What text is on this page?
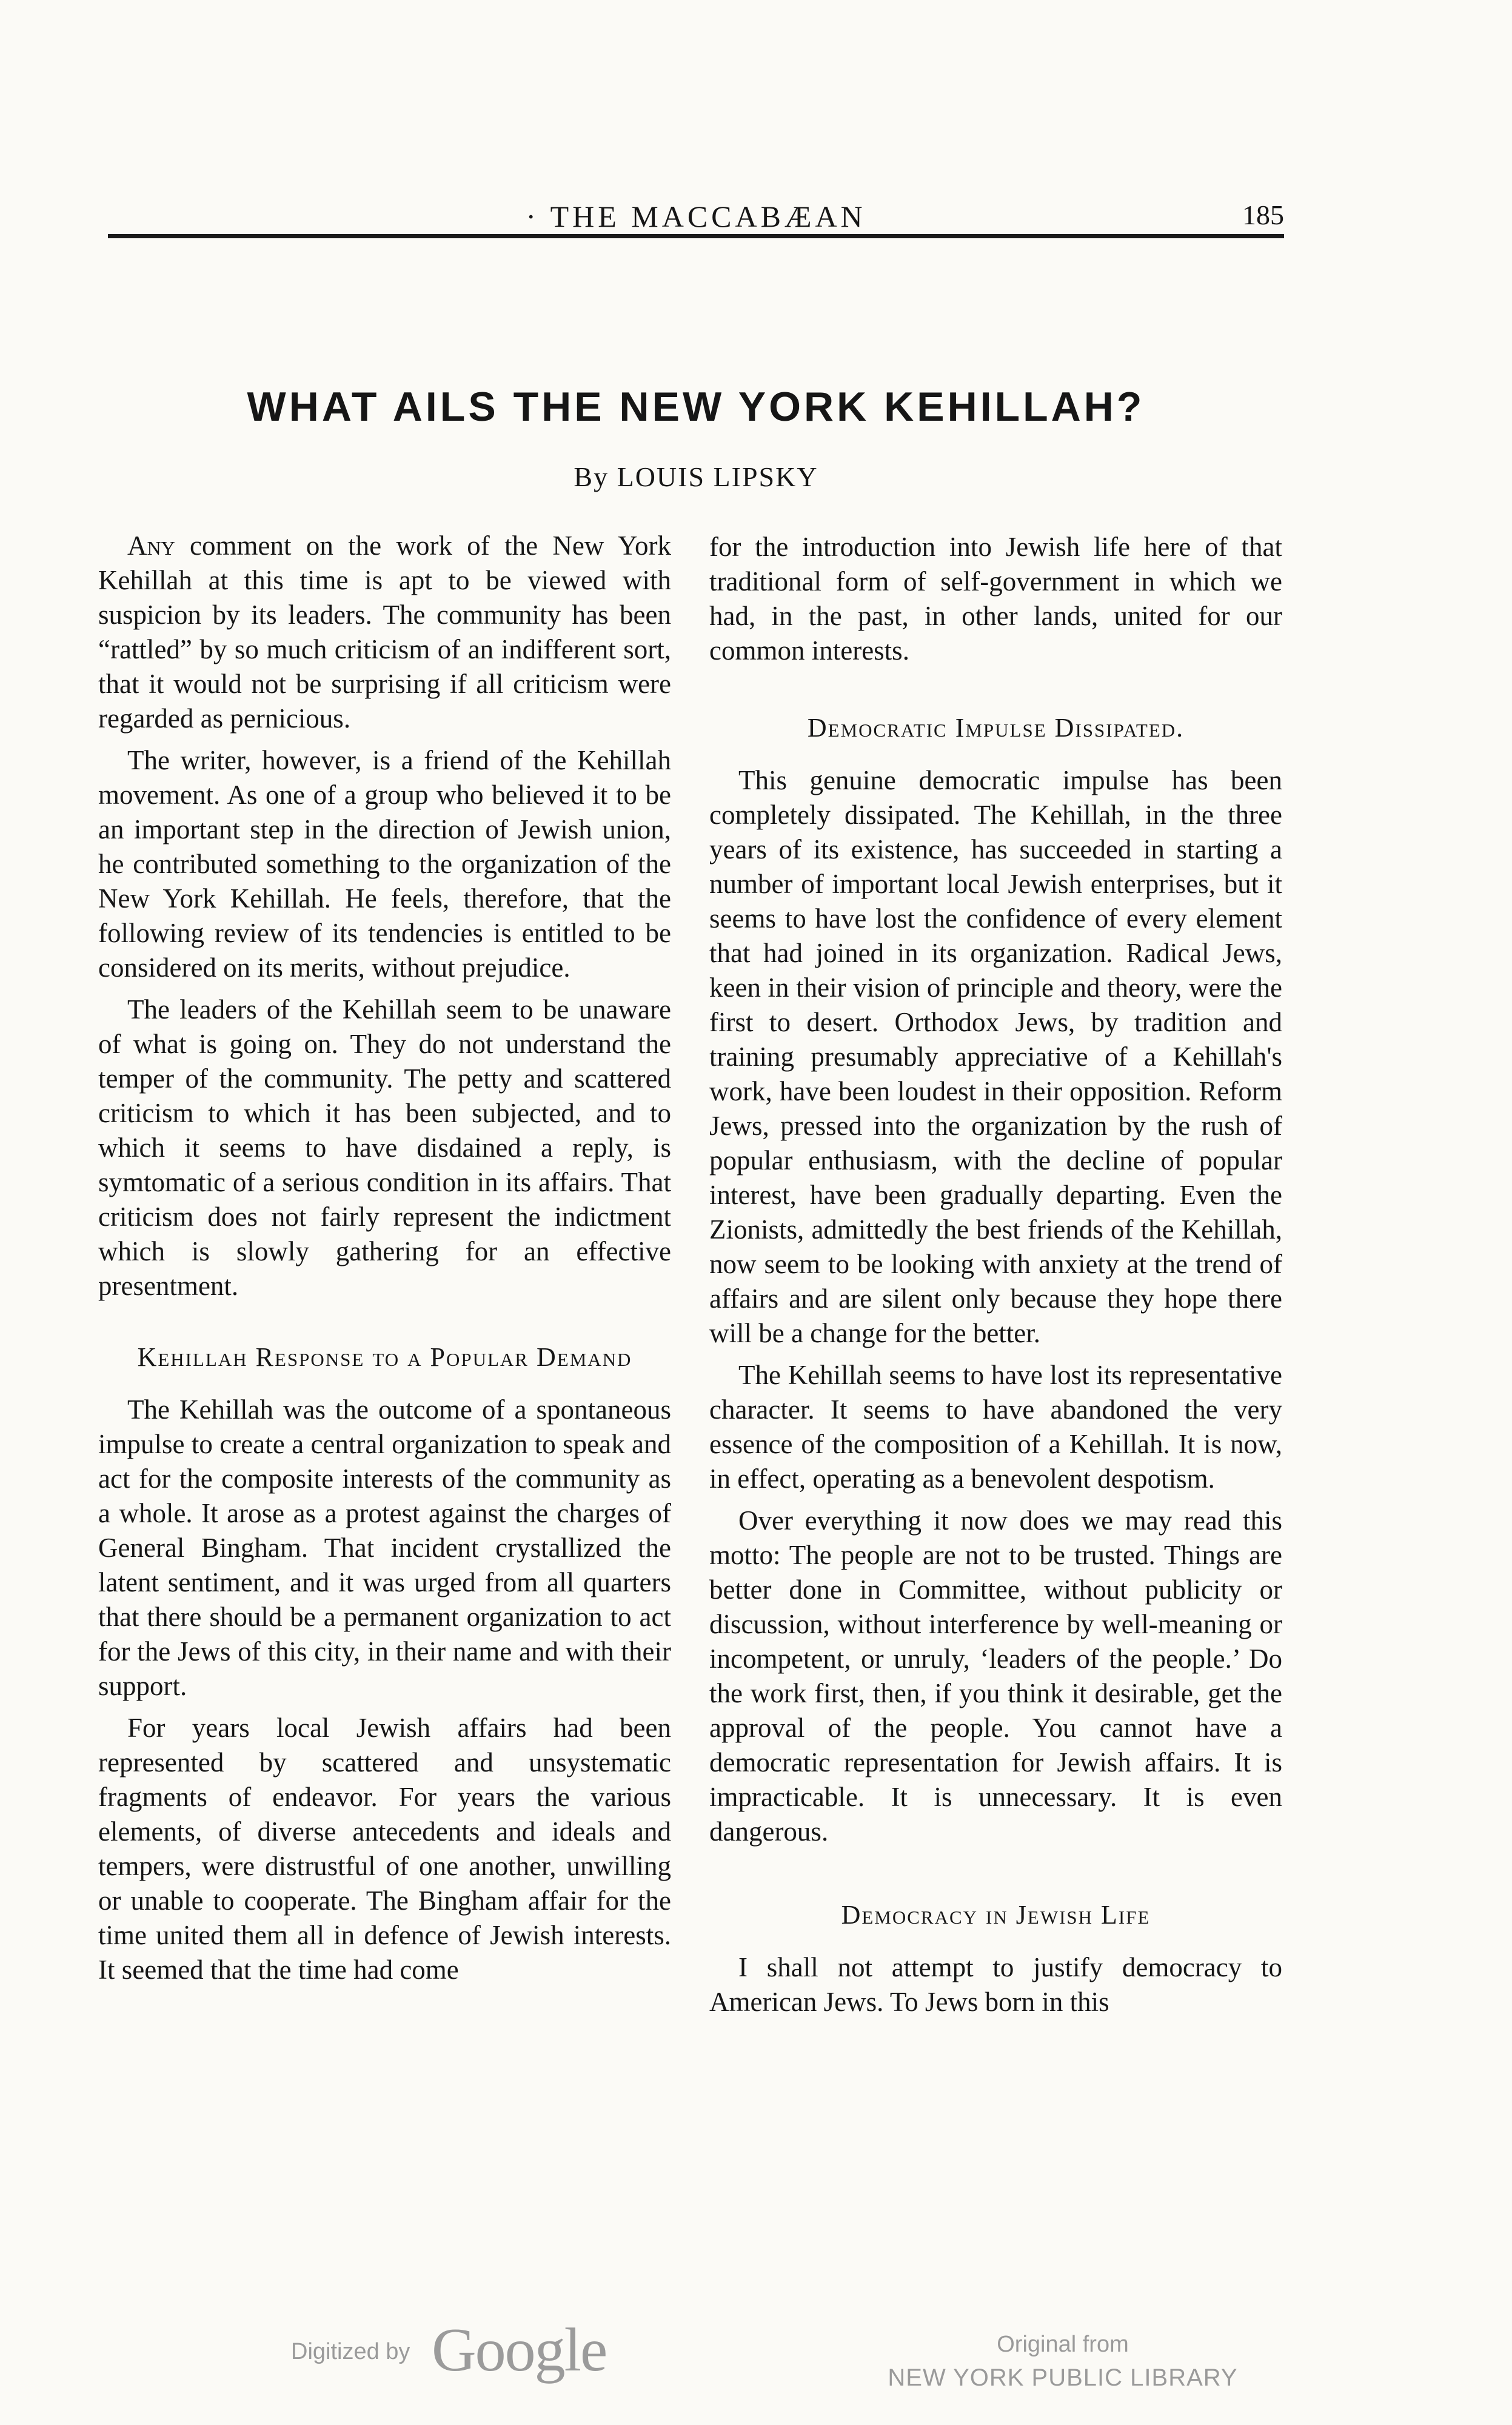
· THE MACCABÆAN	185
WHAT AILS THE NEW YORK KEHILLAH?
By LOUIS LIPSKY

Any comment on the work of the New York Kehillah at this time is apt to be viewed with suspicion by its leaders. The community has been “rattled” by so much criticism of an indifferent sort, that it would not be surprising if all criticism were regarded as pernicious.

The writer, however, is a friend of the Kehillah movement. As one of a group who believed it to be an important step in the direction of Jewish union, he contributed something to the organization of the New York Kehillah. He feels, therefore, that the following review of its tendencies is entitled to be considered on its merits, without prejudice.

The leaders of the Kehillah seem to be unaware of what is going on. They do not understand the temper of the community. The petty and scattered criticism to which it has been subjected, and to which it seems to have disdained a reply, is symtomatic of a serious condition in its affairs. That criticism does not fairly represent the indictment which is slowly gathering for an effective presentment.

Kehillah Response to a Popular Demand

The Kehillah was the outcome of a spontaneous impulse to create a central organization to speak and act for the composite interests of the community as a whole. It arose as a protest against the charges of General Bingham. That incident crystallized the latent sentiment, and it was urged from all quarters that there should be a permanent organization to act for the Jews of this city, in their name and with their support.

For years local Jewish affairs had been represented by scattered and unsystematic fragments of endeavor. For years the various elements, of diverse antecedents and ideals and tempers, were distrustful of one another, unwilling or unable to cooperate. The Bingham affair for the time united them all in defence of Jewish interests. It seemed that the time had come

for the introduction into Jewish life here of that traditional form of self-government in which we had, in the past, in other lands, united for our common interests.

Democratic Impulse Dissipated.

This genuine democratic impulse has been completely dissipated. The Kehillah, in the three years of its existence, has succeeded in starting a number of important local Jewish enterprises, but it seems to have lost the confidence of every element that had joined in its organization. Radical Jews, keen in their vision of principle and theory, were the first to desert. Orthodox Jews, by tradition and training presumably appreciative of a Kehillah's work, have been loudest in their opposition. Reform Jews, pressed into the organization by the rush of popular enthusiasm, with the decline of popular interest, have been gradually departing. Even the Zionists, admittedly the best friends of the Kehillah, now seem to be looking with anxiety at the trend of affairs and are silent only because they hope there will be a change for the better.

The Kehillah seems to have lost its representative character. It seems to have abandoned the very essence of the composition of a Kehillah. It is now, in effect, operating as a benevolent despotism.

Over everything it now does we may read this motto: The people are not to be trusted. Things are better done in Committee, without publicity or discussion, without interference by well-meaning or incompetent, or unruly, ‘leaders of the people.’ Do the work first, then, if you think it desirable, get the approval of the people. You cannot have a democratic representation for Jewish affairs. It is impracticable. It is unnecessary. It is even dangerous.

Democracy in Jewish Life

I shall not attempt to justify democracy to American Jews. To Jews born in this

Digitized by Google	Original from
NEW YORK PUBLIC LIBRARY
